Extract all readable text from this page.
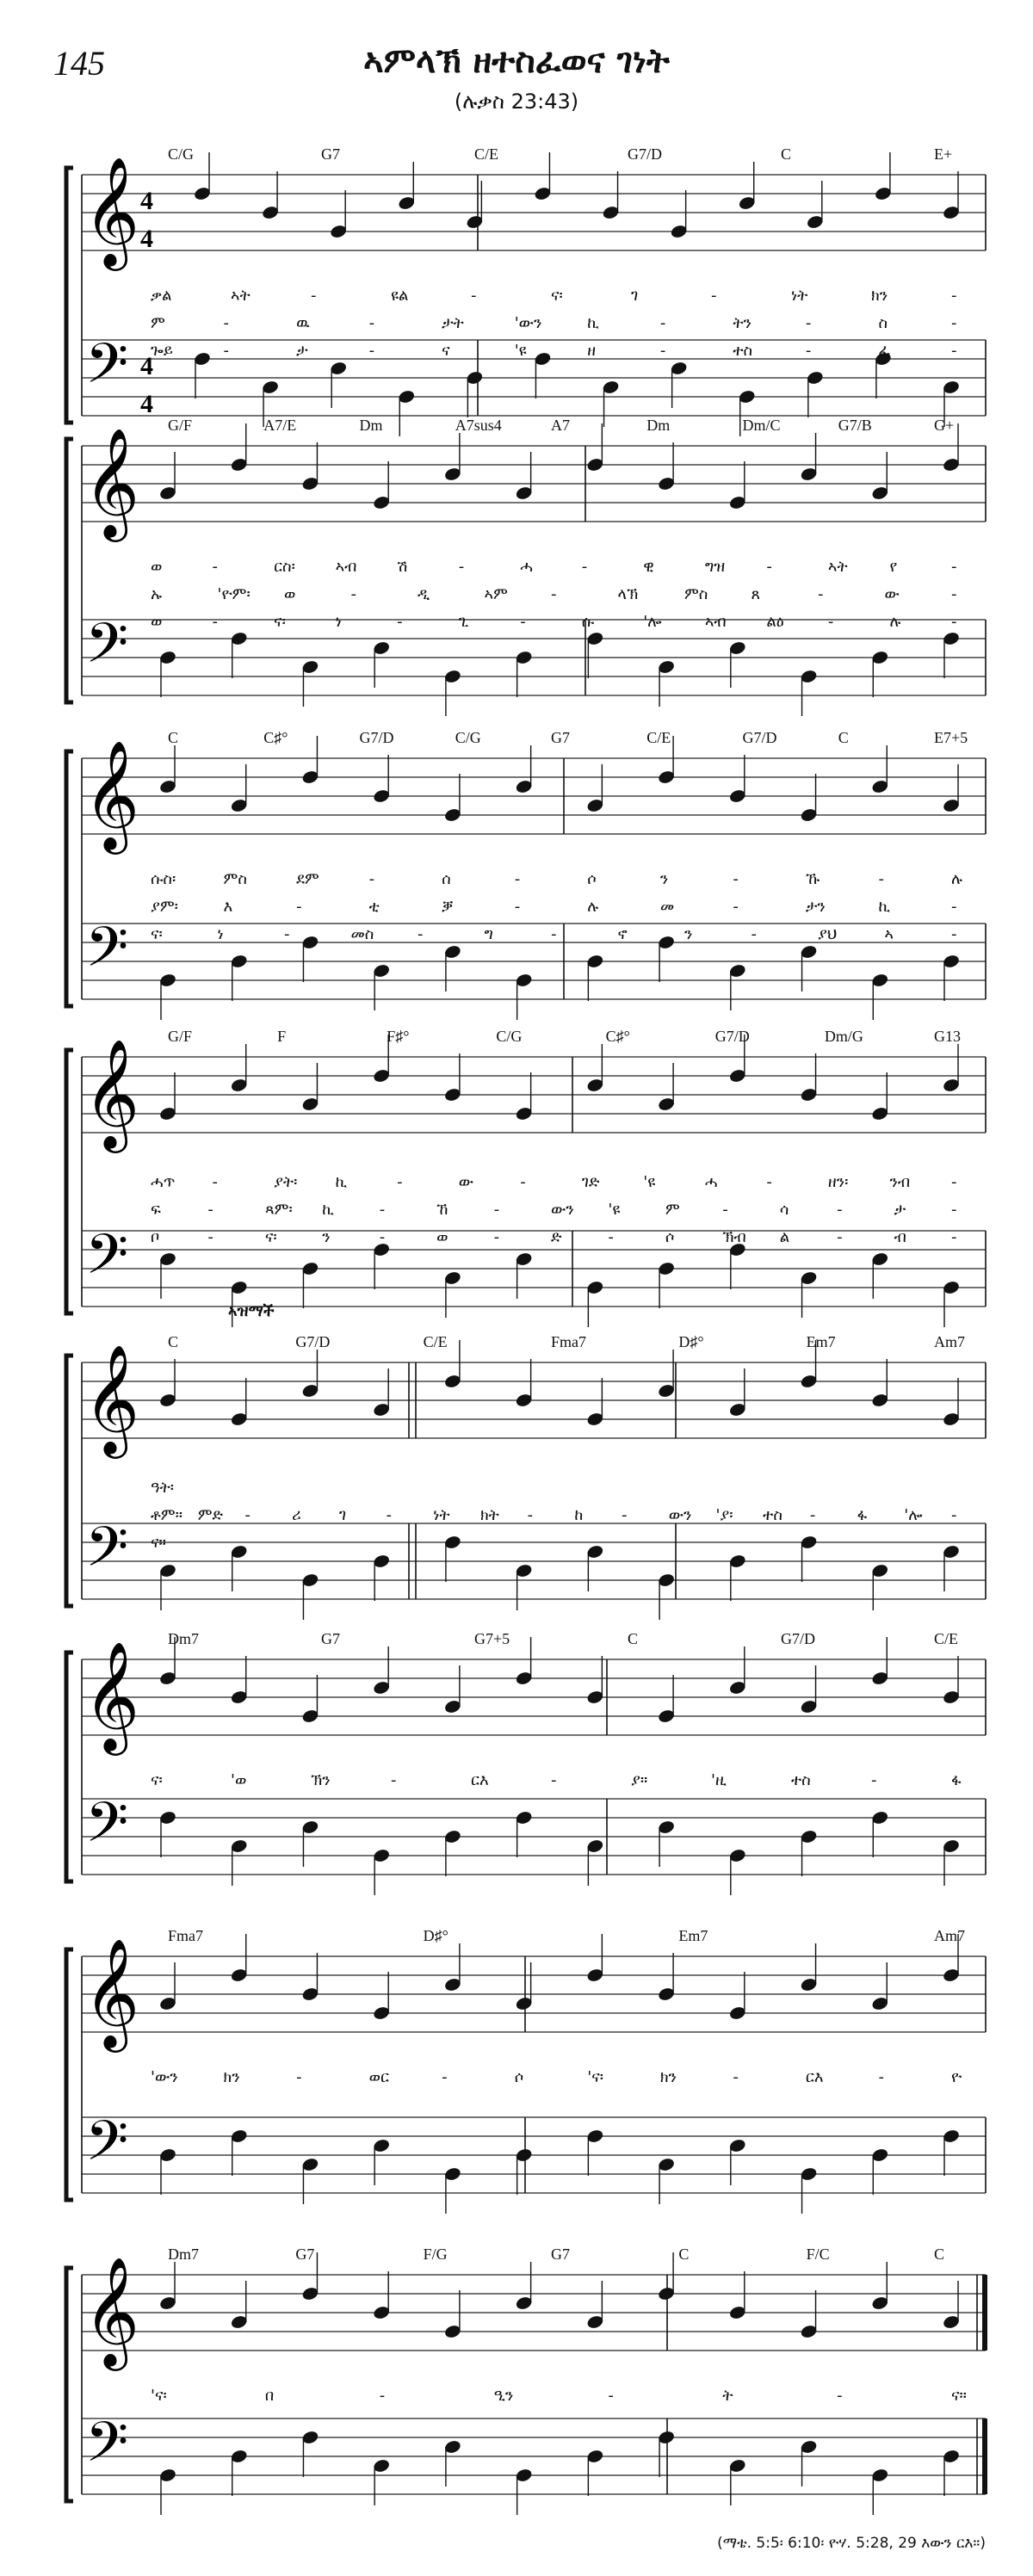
145	ኣምላኽ ዘተስፈወና ገነት
(ሉቃስ 23:43)
𝄞
𝄢
4
4
4
4
C/G	G7	C/E	G7/D	C	E+
ቃል	ኣት	-	ዩል	-	ና፡	ገ	-	ነት	ክን	-
ም	-	ዉ	-	ታት	'ውን	ኪ	-	ትን	-	ስ	-
ጐይ	-	ታ	-	ና	'ዩ	ዘ	-	ተስ	-	ፈ	-
𝄞
𝄢
G/F	A7/E	Dm	A7sus4	A7	Dm	Dm/C	G7/B	G+
ወ	-	ርስ፡	ኣብ	ሽ	-	ሓ	-	ዊ	ግዝ	-	ኣት	የ	-
ኡ	'ዮም፡ ወ	-	ዲ	ኣም	-	ላኽ	ምስ	ጸ	-	ው	-
ወ	-	ና፡	ነ	-	ጊ	-	ሱ	'ሎ	ኣብ	ልዕ	-	ሉ	-
𝄞
𝄢
C	C♯°	G7/D	C/G	G7	C/E	G7/D	C	E7+5
ሱስ፡	ምስ	ደም	-	ሰ	-	ሶ	ን	-	ኹ	-	ሉ
ያም፡	እ	-	ቲ	ቓ	-	ሉ	መ	-	ታን	ኪ	-
ና፡	ነ	-	መስ	-	ግ	-	ኖ	ን	-	ያህ	ኣ	-
𝄞
𝄢
G/F	F	F♯°	C/G	C♯°	G7/D	Dm/G	G13
ሓጥ -	ያት፡ ኪ	-	ው	-	ገድ	'ዩ	ሓ	-	ዘን፡	ንብ	-
ፍ	-	ጻም፡ ኪ	-	ኸ	-	ውን 'ዩ	ም	-	ሳ	-	ታ	-
ቦ	-	ና፡	ን	-	ወ	-	ድ	-	ሶ	ኽብ ል	-	ብ	-
𝄞
𝄢
C	G7/D	C/E	Fma7	D♯°	Em7	Am7
ኣዝማች
ዓት፡
ቶም። ምድ -	ሪ ገ	-	ነት ክት -	ከ -	ውን 'ያ፡ ተስ -	ፋ 'ሎ -
ና።
𝄞
𝄢
Dm7	G7	G7+5	C	G7/D	C/E
ና፡	'ወ	ኽን	-	ርእ	-	ያ።	'ዚ	ተስ	-	ፋ
𝄞
𝄢
Fma7	D♯°	Em7	Am7
'ውን	ክን	-	ወር	-	ሶ	'ና፡	ክን	-	ርእ	-	ዮ
𝄞
𝄢
Dm7	G7	F/G	G7	C	F/C	C
'ና፡	በ	-	ዒን	-	ት	-	ና።
(ማቴ. 5:5፡ 6:10፡ ዮሃ. 5:28, 29 እውን ርእ።)
